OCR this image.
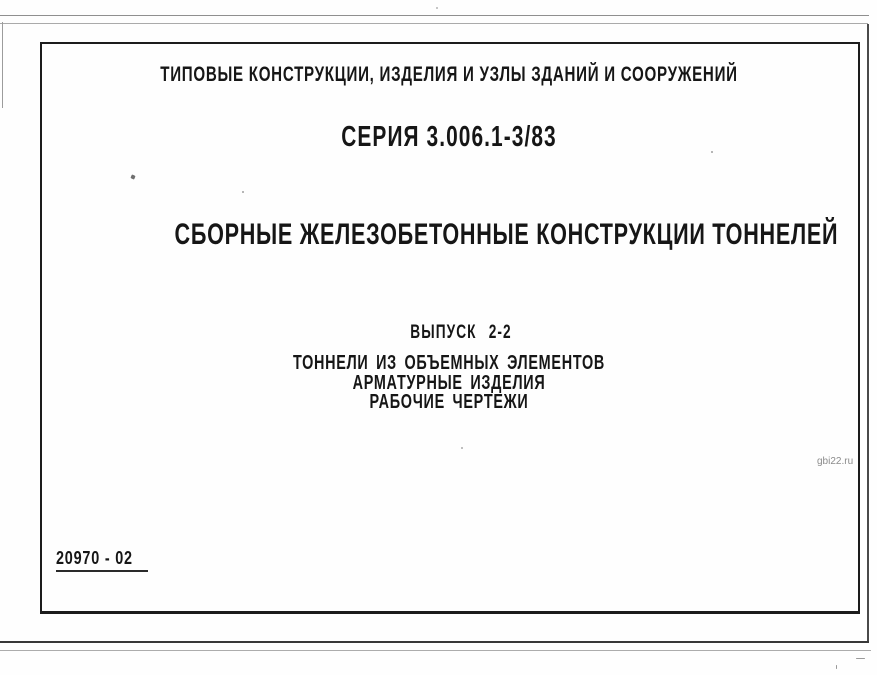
ТИПОВЫЕ КОНСТРУКЦИИ, ИЗДЕЛИЯ И УЗЛЫ ЗДАНИЙ И СООРУЖЕНИЙ
СЕРИЯ 3.006.1-3/83
СБОРНЫЕ ЖЕЛЕЗОБЕТОННЫЕ КОНСТРУКЦИИ ТОННЕЛЕЙ
ВЫПУСК 2-2
ТОННЕЛИ ИЗ ОБЪЕМНЫХ ЭЛЕМЕНТОВ
АРМАТУРНЫЕ ИЗДЕЛИЯ
РАБОЧИЕ ЧЕРТЕЖИ
20970 - 02
gbi22.ru
